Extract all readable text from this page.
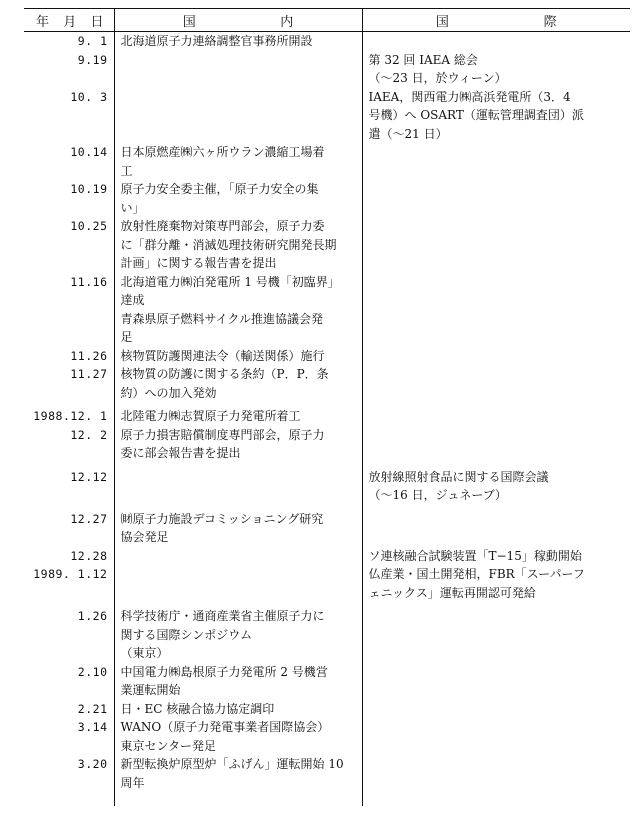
年 月 日	国 内	国 際

9. 1	北海道原子力連絡調整官事務所開設	

9.19		第 32 回 IAEA 総会
（〜23 日，於ウィーン）

10. 3		IAEA，関西電力㈱高浜発電所（3．4
号機）へ OSART（運転管理調査団）派
遣（〜21 日）

10.14	日本原燃産㈱六ヶ所ウラン濃縮工場着
工	

10.19	原子力安全委主催，「原子力安全の集
い」	

10.25	放射性廃棄物対策専門部会，原子力委
に「群分離・消滅処理技術研究開発長期
計画」に関する報告書を提出	

11.16	北海道電力㈱泊発電所 1 号機「初臨界」
達成
青森県原子燃料サイクル推進協議会発
足	

11.26	核物質防護関連法令（輸送関係）施行	

11.27	核物質の防護に関する条約（P．P．条
約）への加入発効	

1988.12. 1	北陸電力㈱志賀原子力発電所着工	

12. 2	原子力損害賠償制度専門部会，原子力
委に部会報告書を提出	

12.12		放射線照射食品に関する国際会議
（〜16 日，ジュネーブ）

12.27	㈶原子力施設デコミッショニング研究
協会発足	

12.28		ソ連核融合試験装置「T−15」稼動開始

1989. 1.12		仏産業・国土開発相，FBR「スーパーフ
ェニックス」運転再開認可発給

1.26	科学技術庁・通商産業省主催原子力に
関する国際シンポジウム
（東京）	

2.10	中国電力㈱島根原子力発電所 2 号機営
業運転開始	

2.21	日・EC 核融合協力協定調印	

3.14	WANO（原子力発電事業者国際協会）
東京センター発足	

3.20	新型転換炉原型炉「ふげん」運転開始 10
周年	
